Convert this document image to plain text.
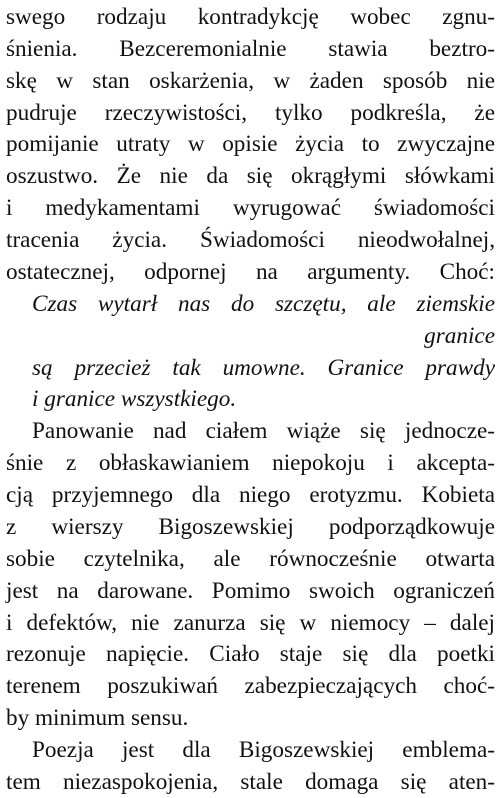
swego rodzaju kontradykcję wobec zgnu-
śnienia. Bezceremonialnie stawia beztro-
skę w stan oskarżenia, w żaden sposób nie
pudruje rzeczywistości, tylko podkreśla, że
pomijanie utraty w opisie życia to zwyczajne
oszustwo. Że nie da się okrągłymi słówkami
i medykamentami wyrugować świadomości
tracenia życia. Świadomości nieodwołalnej,
ostatecznej, odpornej na argumenty. Choć:
Czas wytarł nas do szczętu, ale ziemskie
granice
są przecież tak umowne. Granice prawdy
i granice wszystkiego.
Panowanie nad ciałem wiąże się jednocze-
śnie z obłaskawianiem niepokoju i akcepta-
cją przyjemnego dla niego erotyzmu. Kobieta
z wierszy Bigoszewskiej podporządkowuje
sobie czytelnika, ale równocześnie otwarta
jest na darowane. Pomimo swoich ograniczeń
i defektów, nie zanurza się w niemocy – dalej
rezonuje napięcie. Ciało staje się dla poetki
terenem poszukiwań zabezpieczających choć-
by minimum sensu.
Poezja jest dla Bigoszewskiej emblema-
tem niezaspokojenia, stale domaga się aten-
